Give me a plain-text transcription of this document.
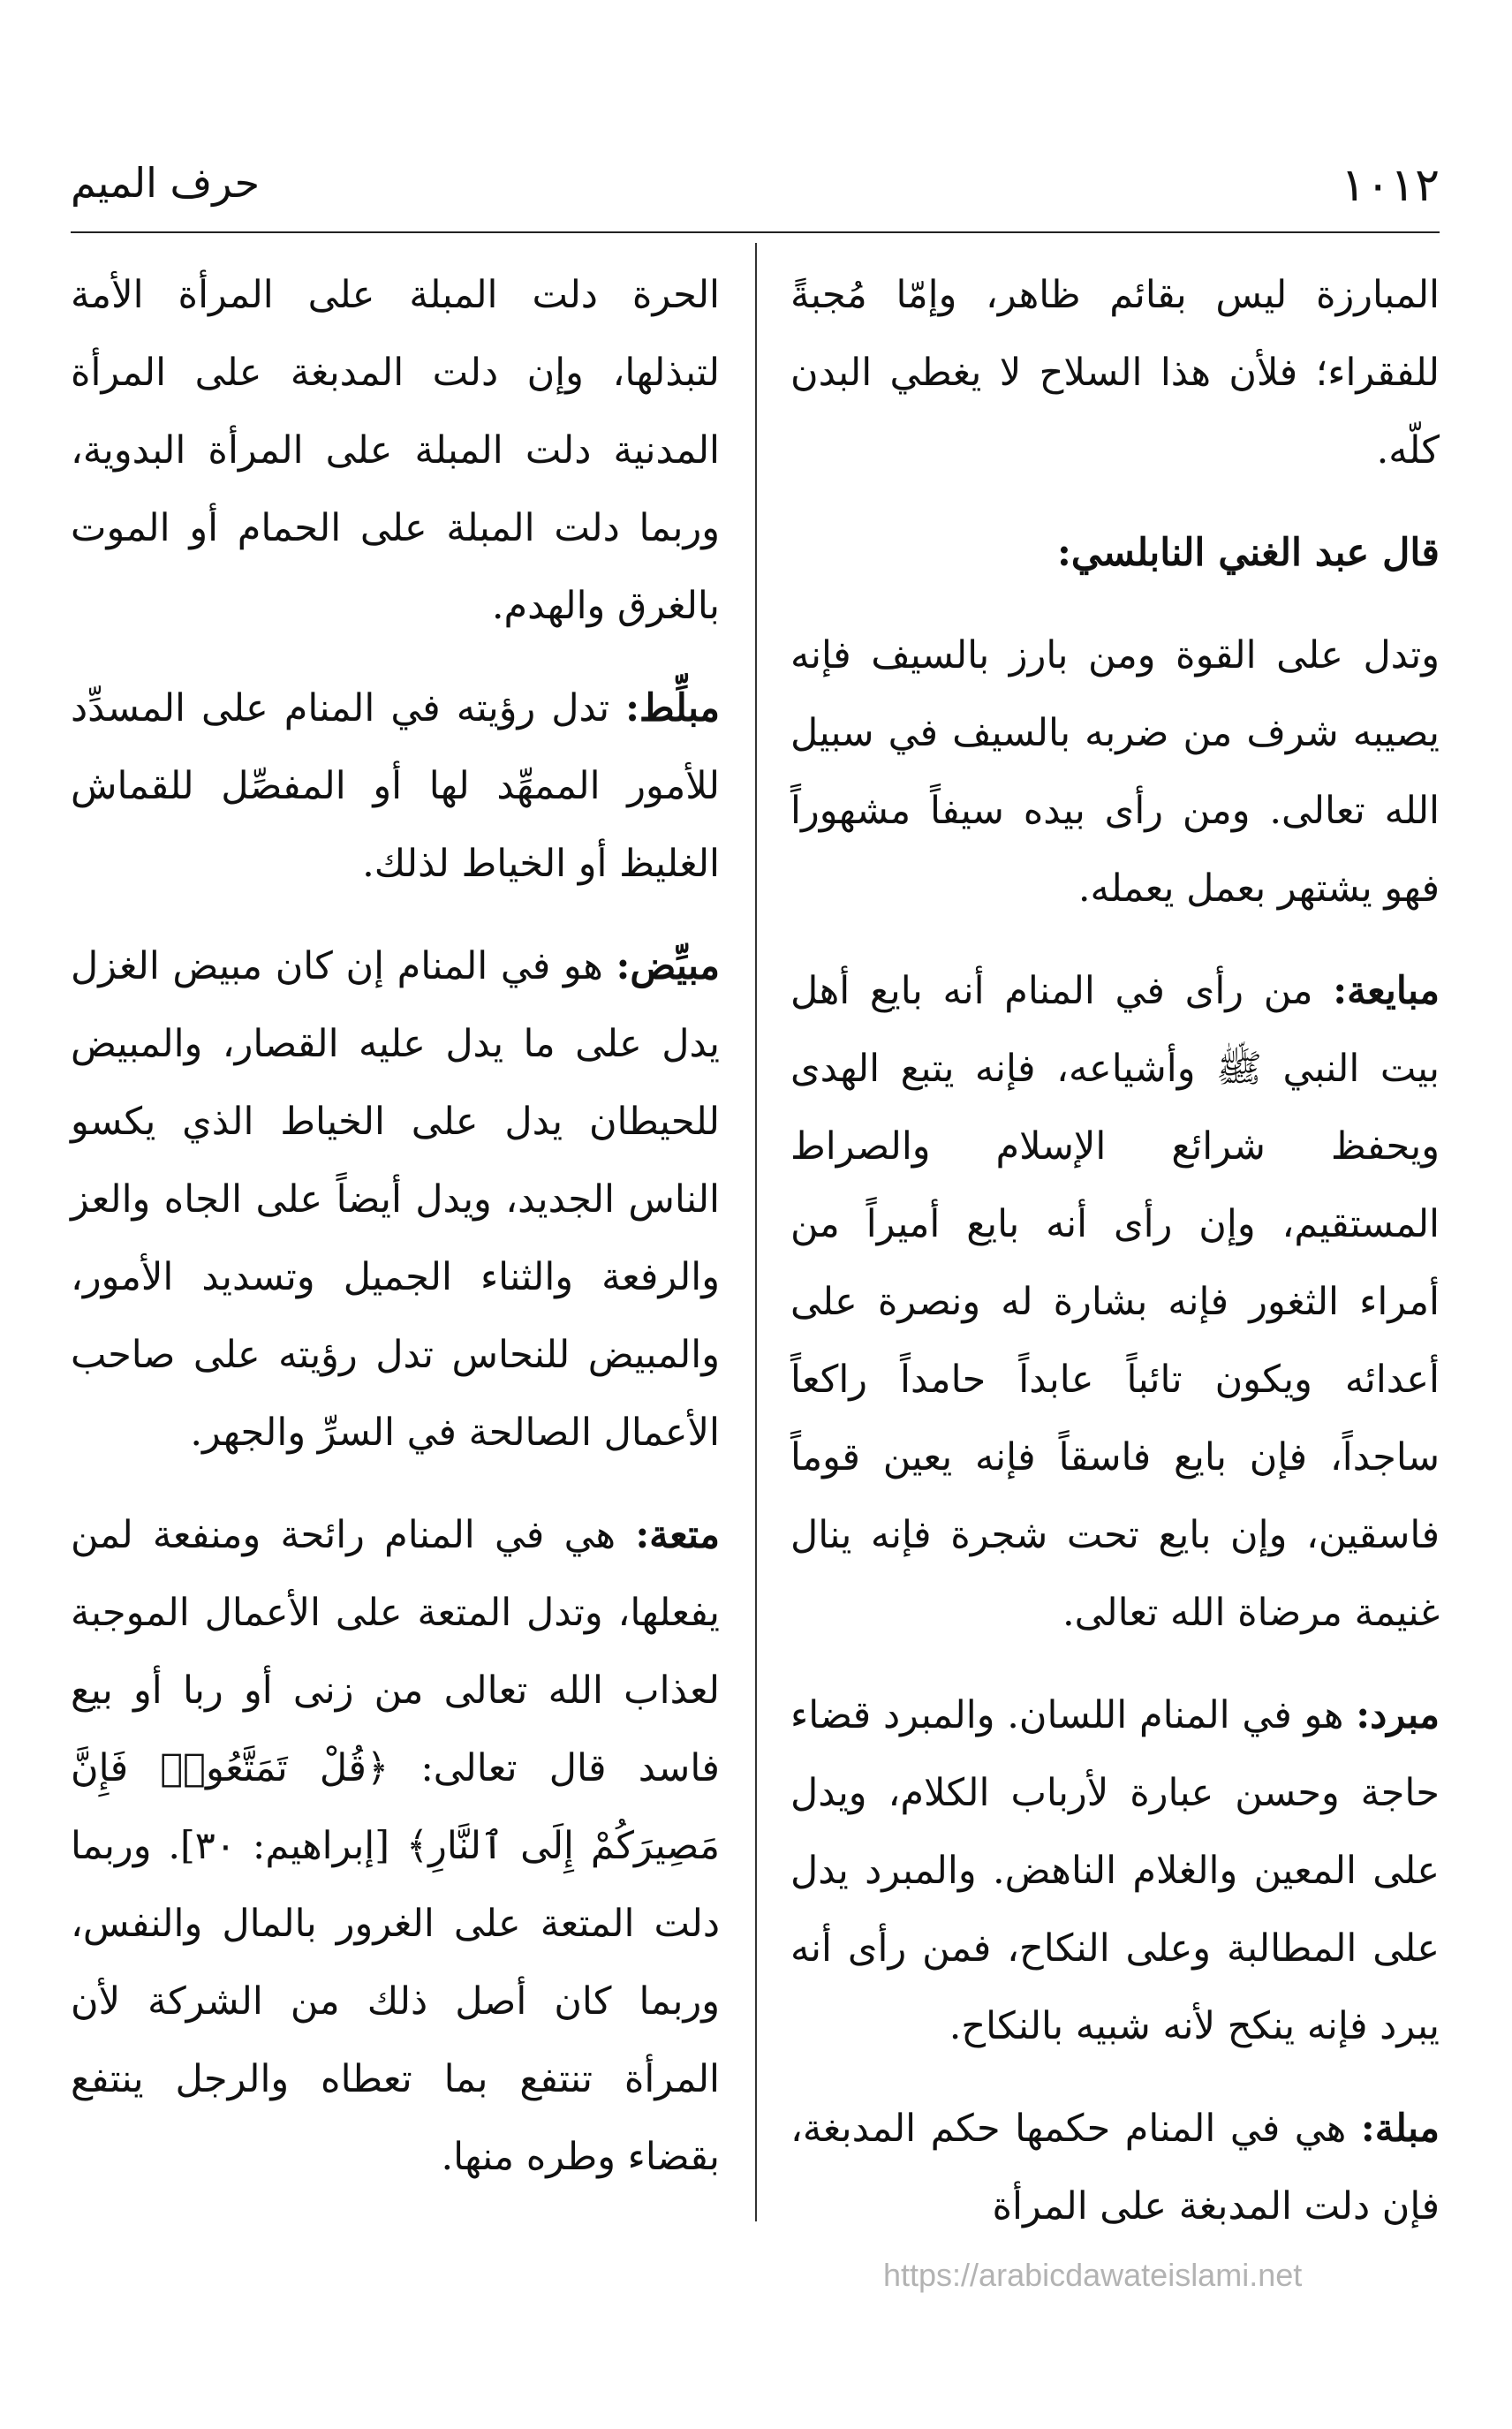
١٠١٢
حرف الميم

المبارزة ليس بقائم ظاهر، وإمّا مُجبةً للفقراء؛ فلأن هذا السلاح لا يغطي البدن كلّه.

قال عبد الغني النابلسي:

وتدل على القوة ومن بارز بالسيف فإنه يصيبه شرف من ضربه بالسيف في سبيل الله تعالى. ومن رأى بيده سيفاً مشهوراً فهو يشتهر بعمل يعمله.

مبايعة: من رأى في المنام أنه بايع أهل بيت النبي ﷺ وأشياعه، فإنه يتبع الهدى ويحفظ شرائع الإسلام والصراط المستقيم، وإن رأى أنه بايع أميراً من أمراء الثغور فإنه بشارة له ونصرة على أعدائه ويكون تائباً عابداً حامداً راكعاً ساجداً، فإن بايع فاسقاً فإنه يعين قوماً فاسقين، وإن بايع تحت شجرة فإنه ينال غنيمة مرضاة الله تعالى.

مبرد: هو في المنام اللسان. والمبرد قضاء حاجة وحسن عبارة لأرباب الكلام، ويدل على المعين والغلام الناهض. والمبرد يدل على المطالبة وعلى النكاح، فمن رأى أنه يبرد فإنه ينكح لأنه شبيه بالنكاح.

مبلة: هي في المنام حكمها حكم المدبغة، فإن دلت المدبغة على المرأة

الحرة دلت المبلة على المرأة الأمة لتبذلها، وإن دلت المدبغة على المرأة المدنية دلت المبلة على المرأة البدوية، وربما دلت المبلة على الحمام أو الموت بالغرق والهدم.

مبلِّط: تدل رؤيته في المنام على المسدِّد للأمور الممهِّد لها أو المفصِّل للقماش الغليظ أو الخياط لذلك.

مبيِّض: هو في المنام إن كان مبيض الغزل يدل على ما يدل عليه القصار، والمبيض للحيطان يدل على الخياط الذي يكسو الناس الجديد، ويدل أيضاً على الجاه والعز والرفعة والثناء الجميل وتسديد الأمور، والمبيض للنحاس تدل رؤيته على صاحب الأعمال الصالحة في السرِّ والجهر.

متعة: هي في المنام رائحة ومنفعة لمن يفعلها، وتدل المتعة على الأعمال الموجبة لعذاب الله تعالى من زنى أو ربا أو بيع فاسد قال تعالى: ﴿قُلْ تَمَتَّعُوا۟ فَإِنَّ مَصِيرَكُمْ إِلَى ٱلنَّارِ﴾ [إبراهيم: ٣٠]. وربما دلت المتعة على الغرور بالمال والنفس، وربما كان أصل ذلك من الشركة لأن المرأة تنتفع بما تعطاه والرجل ينتفع بقضاء وطره منها.

https://arabicdawateislami.net
